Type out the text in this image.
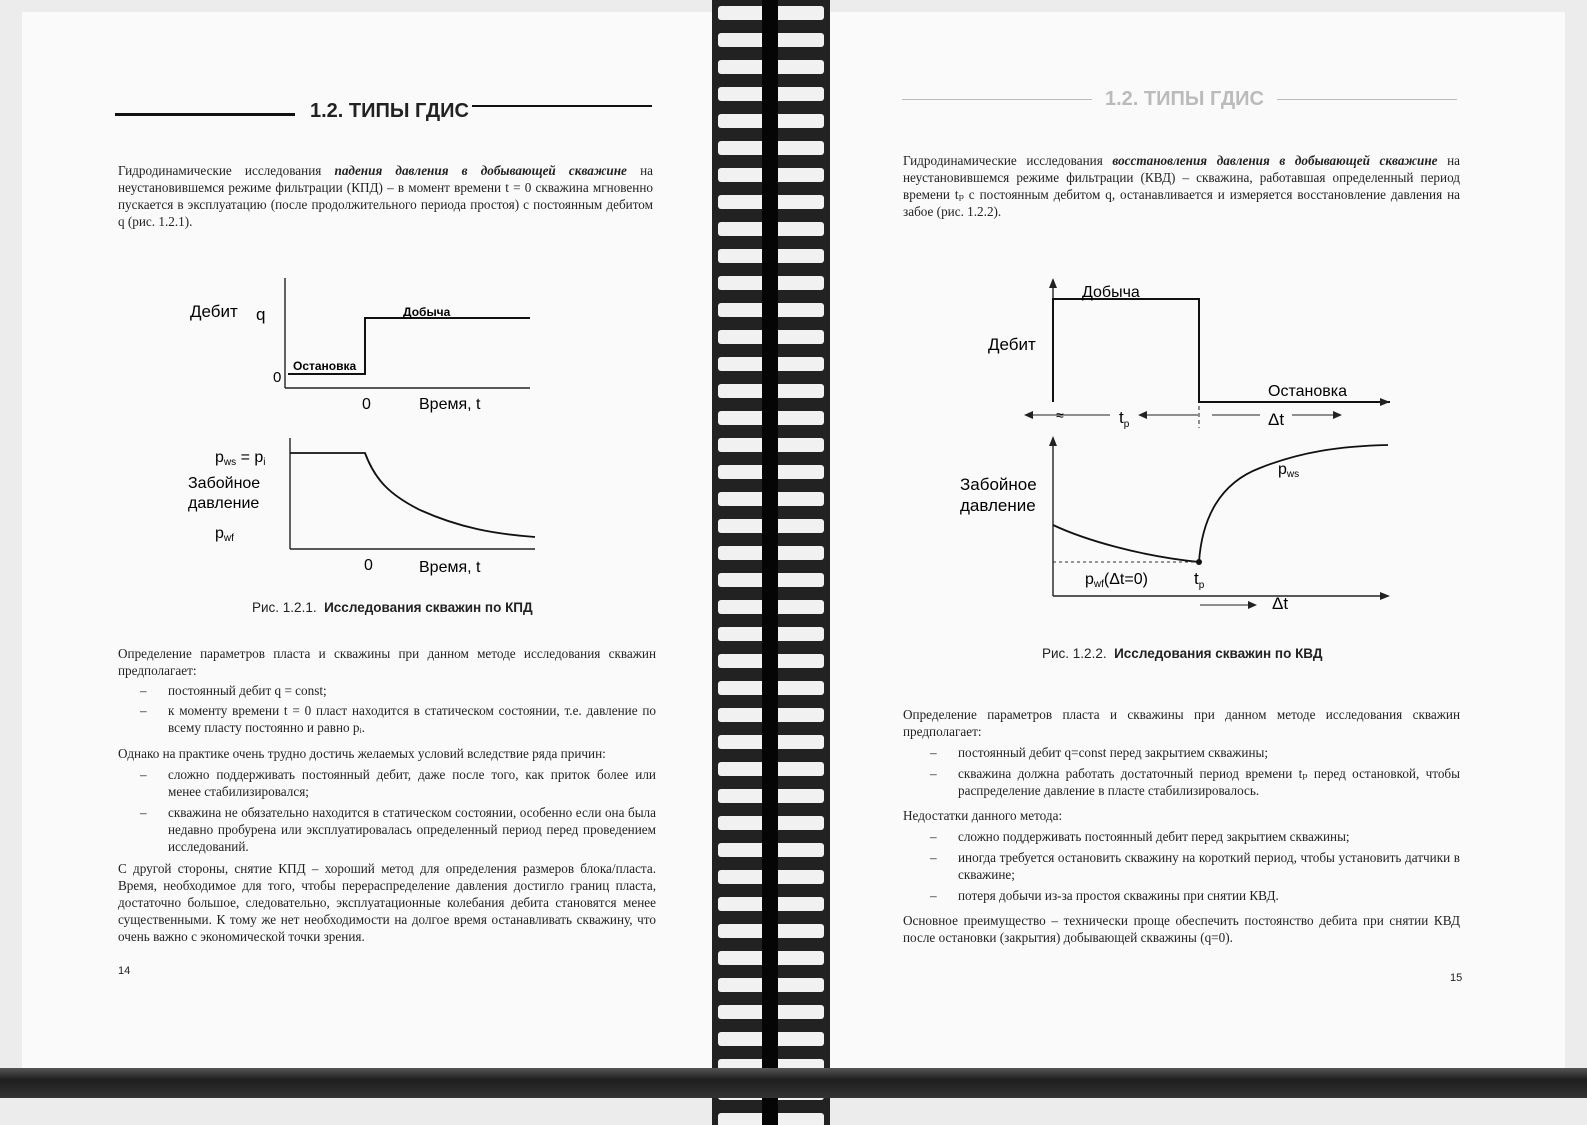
1.2. ТИПЫ ГДИС
Гидродинамические исследования падения давления в добывающей скважине на неустановившемся режиме фильтрации (КПД) – в момент времени t = 0 скважина мгновенно пускается в эксплуатацию (после продолжительного периода простоя) с постоянным дебитом q (рис. 1.2.1).
Дебит q
0
Остановка
Добыча
0	Время, t
pws = pi
Забойное
давление
pwf
0	Время, t
Рис. 1.2.1. Исследования скважин по КПД
Определение параметров пласта и скважины при данном методе исследования скважин предполагает:
– постоянный дебит q = const;
– к моменту времени t = 0 пласт находится в статическом состоянии, т.е. давление по всему пласту постоянно и равно pᵢ.
Однако на практике очень трудно достичь желаемых условий вследствие ряда причин:
– сложно поддерживать постоянный дебит, даже после того, как приток более или менее стабилизировался;
– скважина не обязательно находится в статическом состоянии, особенно если она была недавно пробурена или эксплуатировалась определенный период перед проведением исследований.
С другой стороны, снятие КПД – хороший метод для определения размеров блока/пласта. Время, необходимое для того, чтобы перераспределение давления достигло границ пласта, достаточно большое, следовательно, эксплуатационные колебания дебита становятся менее существенными. К тому же нет необходимости на долгое время останавливать скважину, что очень важно с экономической точки зрения.
14
1.2. ТИПЫ ГДИС
Гидродинамические исследования восстановления давления в добывающей скважине на неустановившемся режиме фильтрации (КВД) – скважина, работавшая определенный период времени tₚ с постоянным дебитом q, останавливается и измеряется восстановление давления на забое (рис. 1.2.2).
Добыча
Дебит
Остановка
≈	$t_p$	Δt
pws
Забойное
давление
pwf(Δt=0)	$t_p$
Δt
Рис. 1.2.2. Исследования скважин по КВД
Определение параметров пласта и скважины при данном методе исследования скважин предполагает:
– постоянный дебит q=const перед закрытием скважины;
– скважина должна работать достаточный период времени tₚ перед остановкой, чтобы распределение давление в пласте стабилизировалось.
Недостатки данного метода:
– сложно поддерживать постоянный дебит перед закрытием скважины;
– иногда требуется остановить скважину на короткий период, чтобы установить датчики в скважине;
– потеря добычи из-за простоя скважины при снятии КВД.
Основное преимущество – технически проще обеспечить постоянство дебита при снятии КВД после остановки (закрытия) добывающей скважины (q=0).
15
